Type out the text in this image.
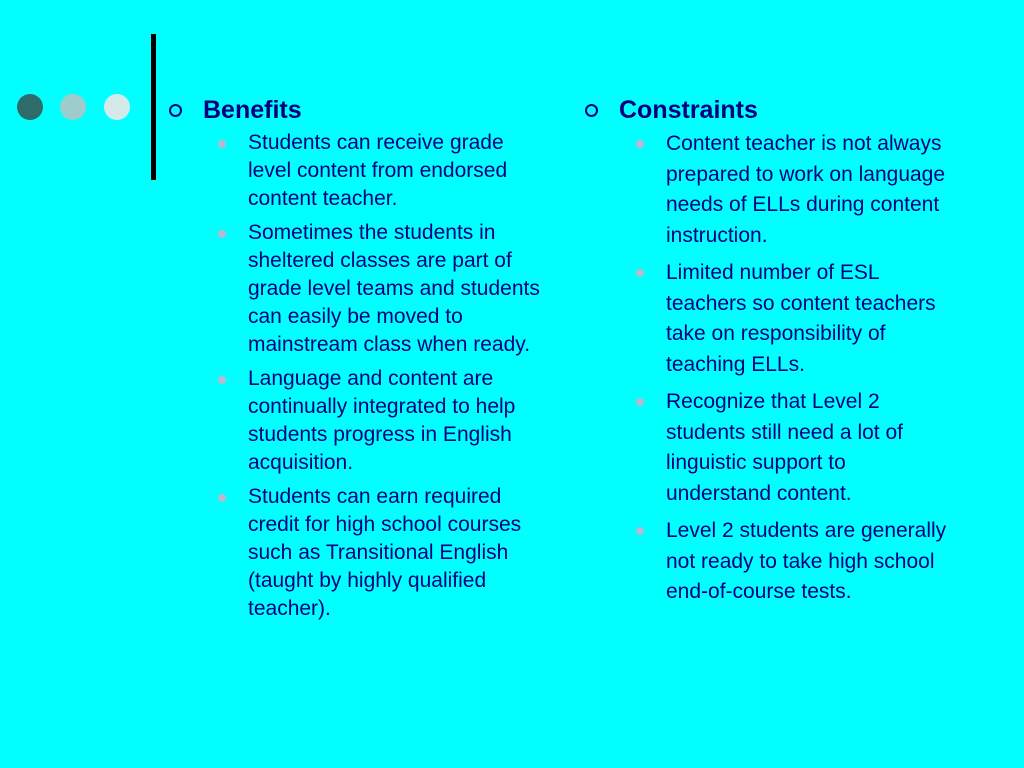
Benefits
Students can receive grade level content from endorsed content teacher.
Sometimes the students in sheltered classes are part of grade level teams and students can easily be moved to mainstream class when ready.
Language and content are continually integrated to help students progress in English acquisition.
Students can earn required credit for high school courses such as Transitional English (taught by highly qualified teacher).
Constraints
Content teacher is not always prepared to work on language needs of ELLs during content instruction.
Limited number of ESL teachers so content teachers take on responsibility of teaching ELLs.
Recognize that Level 2 students still need a lot of linguistic support to understand content.
Level 2 students are generally not ready to take high school end-of-course tests.
